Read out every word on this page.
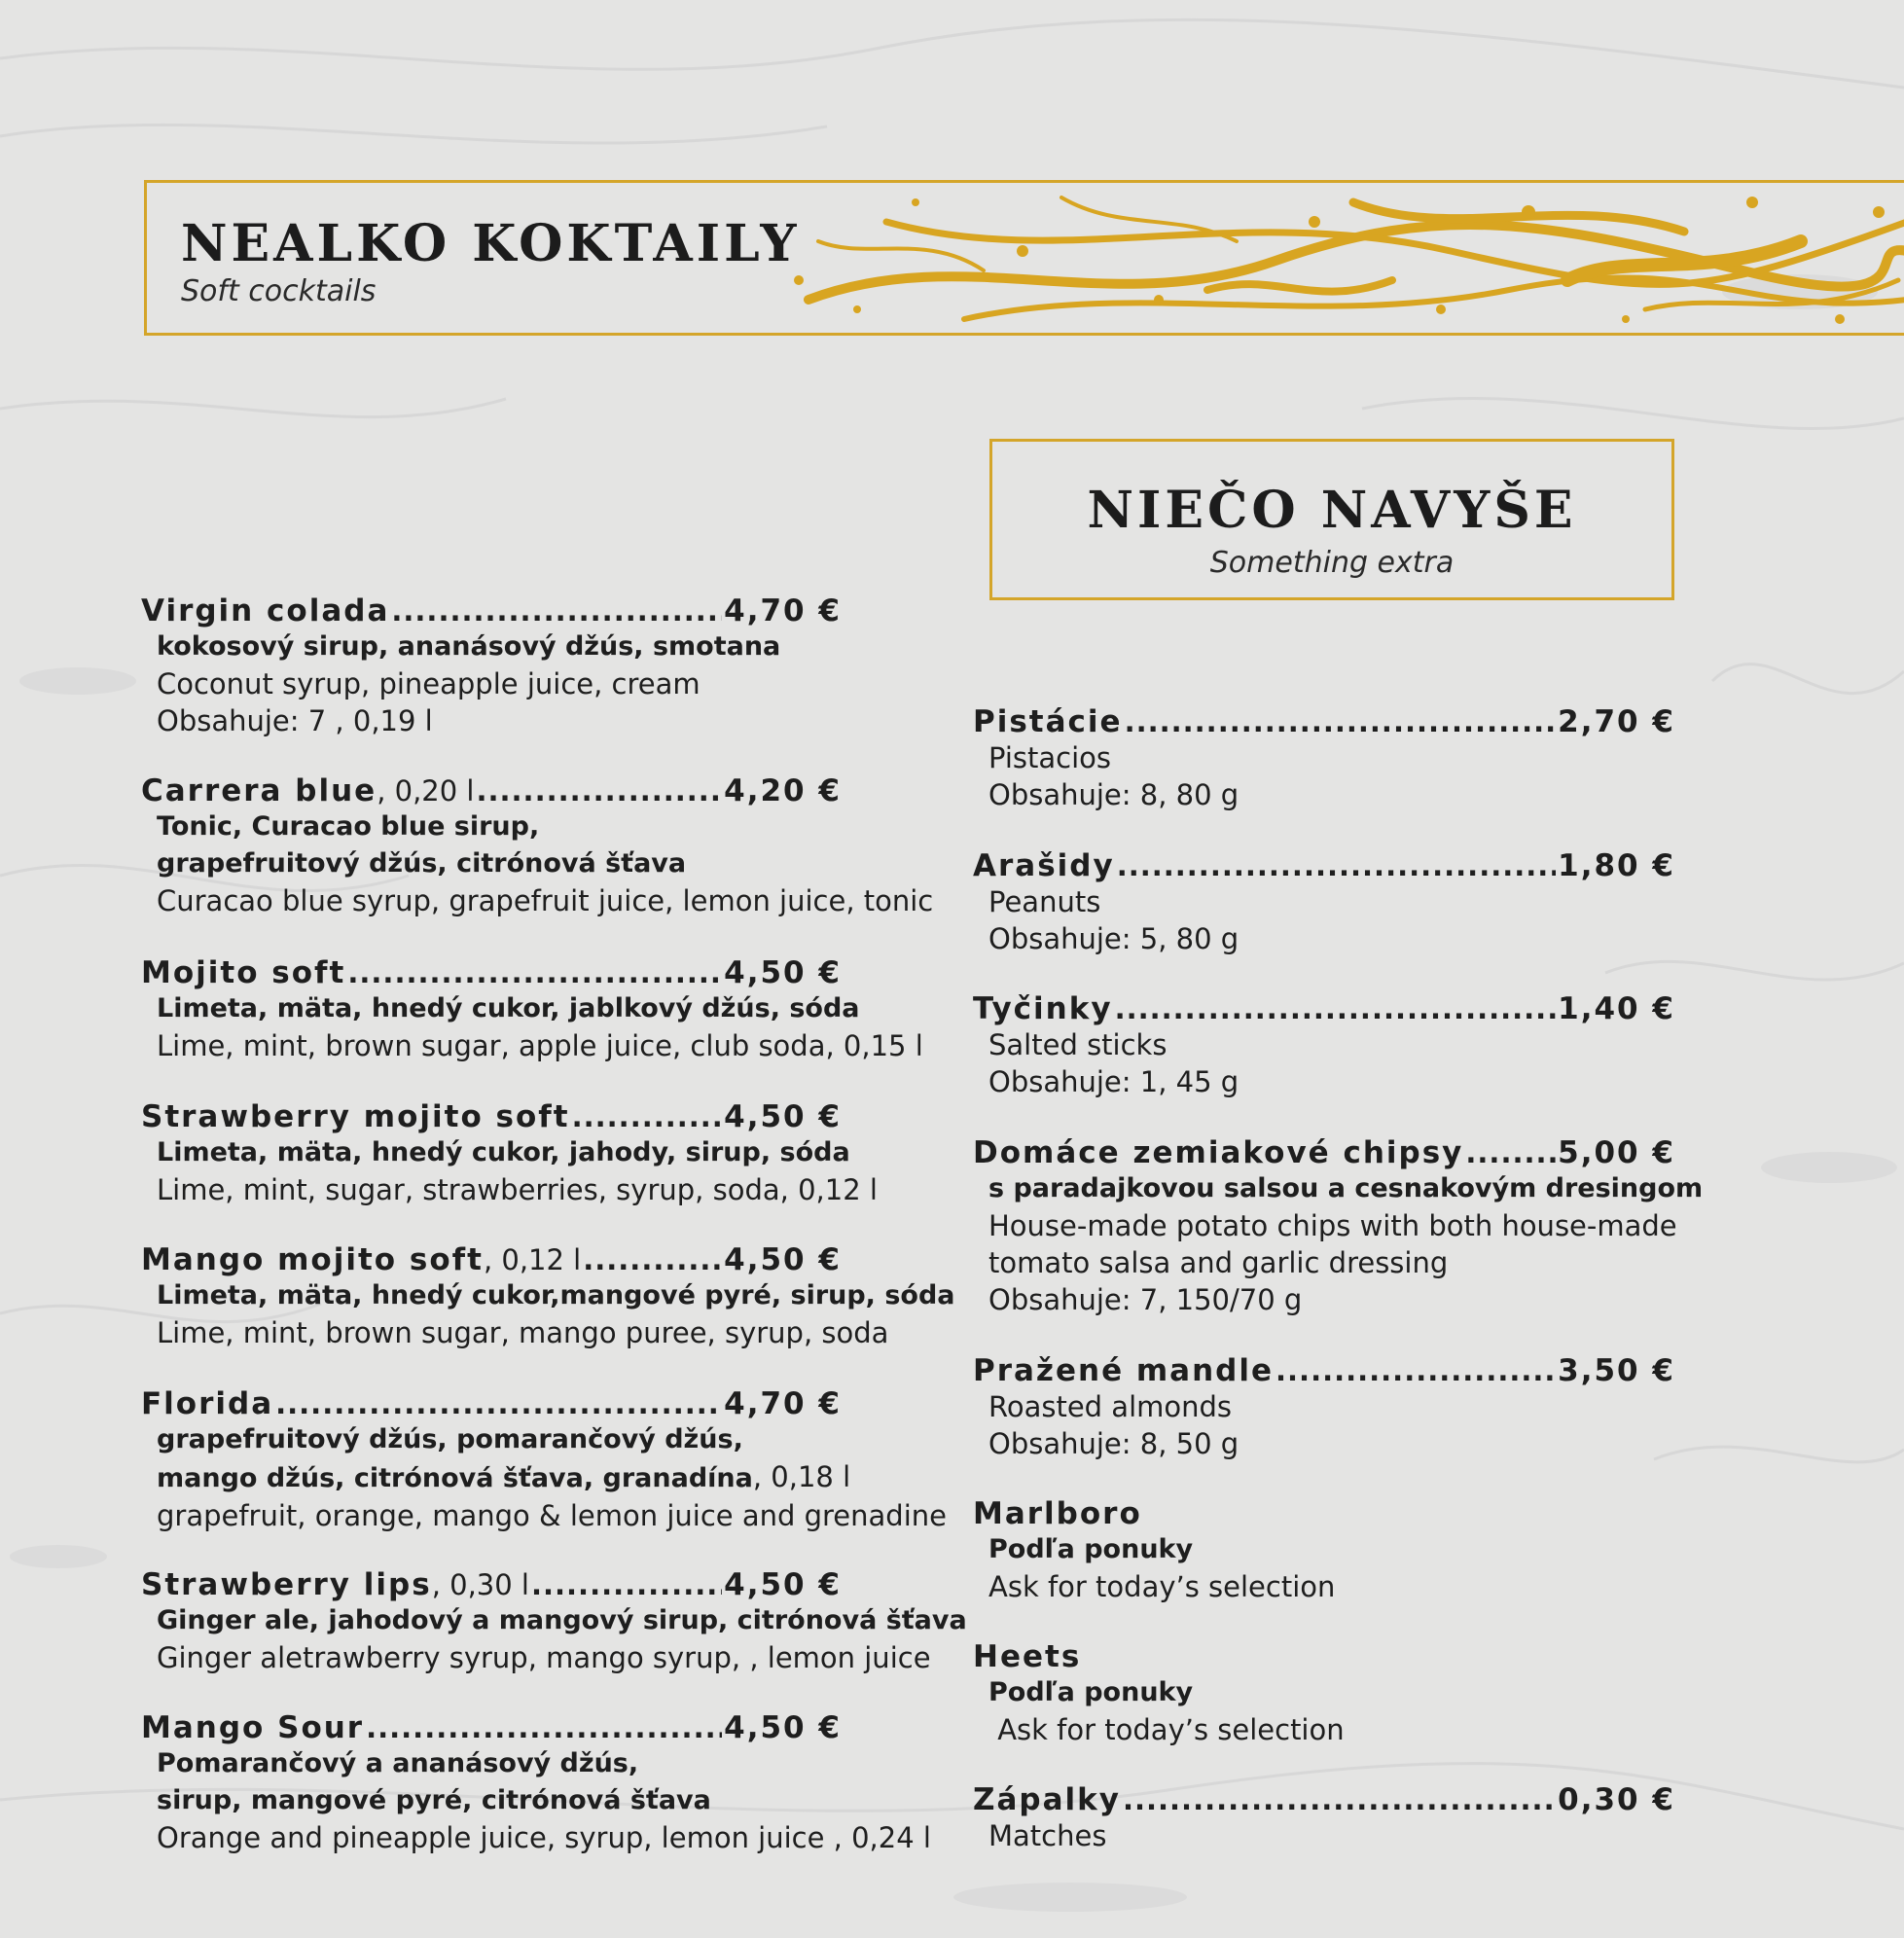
NEALKO KOKTAILY
Soft cocktails
NIEČO NAVYŠE
Something extra
Virgin colada .....	4,70 €
kokosový sirup, ananásový džús, smotana
Coconut syrup, pineapple juice, cream
Obsahuje: 7 , 0,19 l
Carrera blue , 0,20 l .....	4,20 €
Tonic, Curacao blue sirup,
grapefruitový džús, citrónová šťava
Curacao blue syrup, grapefruit juice, lemon juice, tonic
Mojito soft .....	4,50 €
Limeta, mäta, hnedý cukor, jablkový džús, sóda
Lime, mint, brown sugar, apple juice, club soda, 0,15 l
Strawberry mojito soft .....	4,50 €
Limeta, mäta, hnedý cukor, jahody, sirup, sóda
Lime, mint, sugar, strawberries, syrup, soda, 0,12 l
Mango mojito soft , 0,12 l .....	4,50 €
Limeta, mäta, hnedý cukor,mangové pyré, sirup, sóda
Lime, mint, brown sugar, mango puree, syrup, soda
Florida .....	4,70 €
grapefruitový džús, pomarančový džús,
mango džús, citrónová šťava, granadína, 0,18 l
grapefruit, orange, mango & lemon juice and grenadine
Strawberry lips , 0,30 l .....	4,50 €
Ginger ale, jahodový a mangový sirup, citrónová šťava
Ginger aletrawberry syrup, mango syrup, , lemon juice
Mango Sour .....	4,50 €
Pomarančový a ananásový džús,
sirup, mangové pyré, citrónová šťava
Orange and pineapple juice, syrup, lemon juice , 0,24 l
Pistácie .....	2,70 €
Pistacios
Obsahuje: 8, 80 g
Arašidy .....	1,80 €
Peanuts
Obsahuje: 5, 80 g
Tyčinky .....	1,40 €
Salted sticks
Obsahuje: 1, 45 g
Domáce zemiakové chipsy .....	5,00 €
s paradajkovou salsou a cesnakovým dresingom
House-made potato chips with both house-made
tomato salsa and garlic dressing
Obsahuje: 7, 150/70 g
Pražené mandle .....	3,50 €
Roasted almonds
Obsahuje: 8, 50 g
Marlboro
Podľa ponuky
Ask for today’s selection
Heets
Podľa ponuky
Ask for today’s selection
Zápalky .....	0,30 €
Matches
